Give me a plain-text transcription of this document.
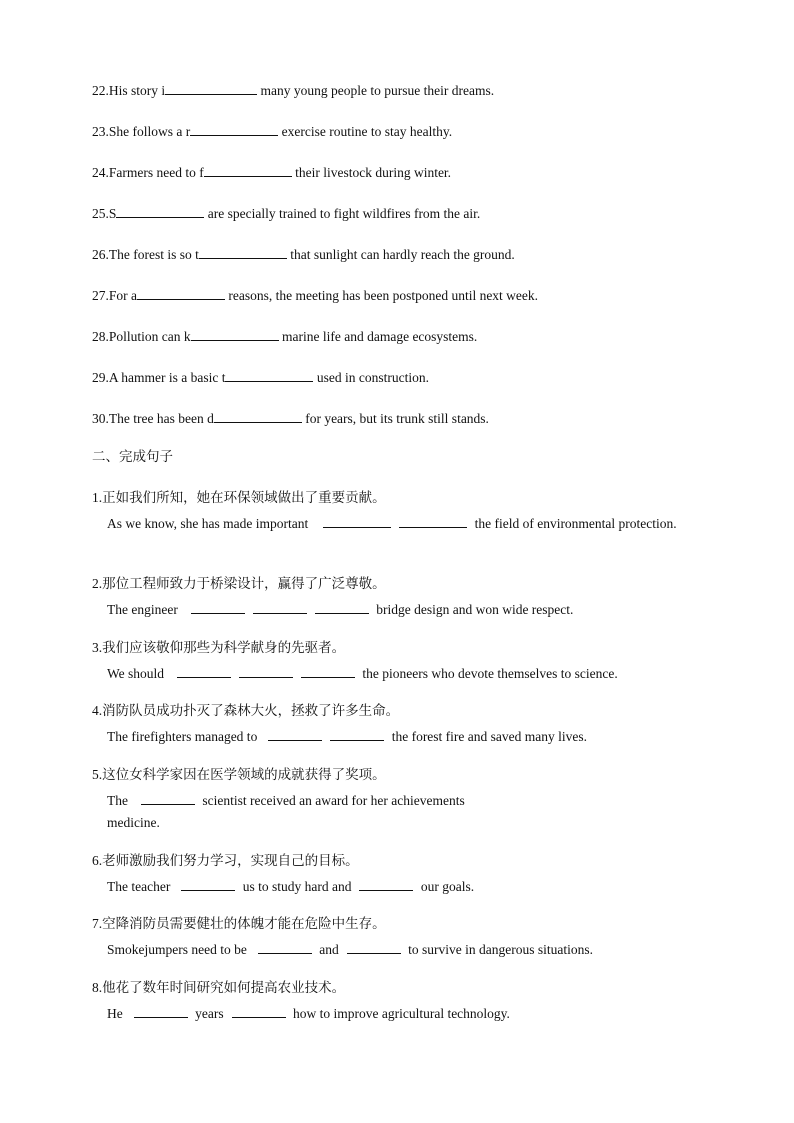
22.His story i	many young people to pursue their dreams.
23.She follows a r	exercise routine to stay healthy.
24.Farmers need to f	their livestock during winter.
25.S	are specially trained to fight wildfires from the air.
26.The forest is so t	that sunlight can hardly reach the ground.
27.For a	reasons, the meeting has been postponed until next week.
28.Pollution can k	marine life and damage ecosystems.
29.A hammer is a basic t	used in construction.
30.The tree has been d	for years, but its trunk still stands.
二、完成句子
1.正如我们所知，她在环保领域做出了重要贡献。
As we know, she has made important	the field of environmental protection.
2.那位工程师致力于桥梁设计，赢得了广泛尊敬。
The engineer	bridge design and won wide respect.
3.我们应该敬仰那些为科学献身的先驱者。
We should	the pioneers who devote themselves to science.
4.消防队员成功扑灭了森林大火，拯救了许多生命。
The firefighters managed to	the forest fire and saved many lives.
5.这位女科学家因在医学领域的成就获得了奖项。
The	scientist received an award for her achievements
medicine.
6.老师激励我们努力学习，实现自己的目标。
The teacher	us to study hard and	our goals.
7.空降消防员需要健壮的体魄才能在危险中生存。
Smokejumpers need to be	and	to survive in dangerous situations.
8.他花了数年时间研究如何提高农业技术。
He	years	how to improve agricultural technology.
